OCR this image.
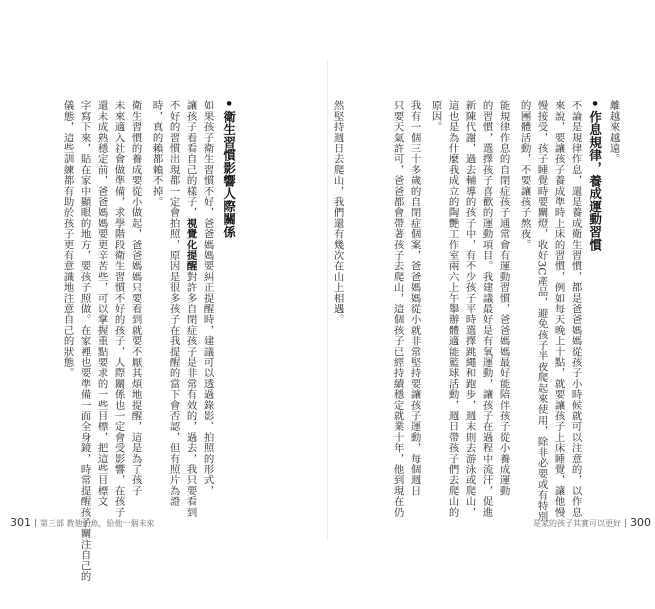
離越來越遠。
● 作息規律，養成運動習慣
不論是規律作息，還是養成衛生習慣，都是爸爸媽媽從孩子小時候就可以注意的，以作息
來說，要讓孩子養成準時上床的習慣，例如每天晚上十點，就要讓孩子上床睡覺，讓他慢
慢接受，孩子睡覺時要關燈，收好3C產品，避免孩子半夜爬起來使用，除非必要或有特別
的團體活動，不要讓孩子熬夜。
能規律作息的自閉症孩子通常會有運動習慣，爸爸媽媽最好能陪伴孩子從小養成運動
的習慣，選擇孩子喜歡的運動項目。我建議最好是有氧運動，讓孩子在過程中流汗，促進
新陳代謝，過去輔導的孩子中，有不少孩子平時選擇跳繩和跑步，週末則去游泳或爬山，
這也是為什麼我成立的陶艷工作室兩六上午舉辦體適能籃球活動，週日帶孩子們去爬山的
原因。
我有一個三十多歲的自閉症個案，爸爸媽媽從小就非常堅持要讓孩子運動，每個週日
只要天氣許可，爸爸都會帶著孩子去爬山，這個孩子已經持續穩定就業十年，他到現在仍
然堅持週日去爬山，我們還有幾次在山上相遇。
是家的孩子其實可以更好 300
● 衛生習慣影響人際關係
如果孩子衛生習慣不好，爸爸媽媽要糾正提醒時，建議可以透過錄影、拍照的形式，
讓孩子看看自己的樣子，視覺化提醒對許多自閉症孩子是非常有效的，過去，我只要看到
不好的習慣出現都一定會拍照，原因是很多孩子在我提醒的當下會否認，但有照片為證
時，真的賴都賴不掉。
衛生習慣的養成要從小做起，爸爸媽媽只要看到就要不厭其煩地提醒，這是為了孩子
未來適入社會做準備，求學階段衛生習慣不好的孩子，人際關係也一定會受影響，在孩子
還未成熟穩定前，爸爸媽媽要更辛苦些，可以掌握重點要求的一些目標，把這些目標文
字寫下來，貼在家中顯眼的地方，要孩子照做。在家裡也要準備一面全身鏡，時常提醒孩子關注自己的
儀態，這些訓練都有助於孩子更有意識地注意自己的狀態。
301 第三部 教他釣魚，給他一個未來
